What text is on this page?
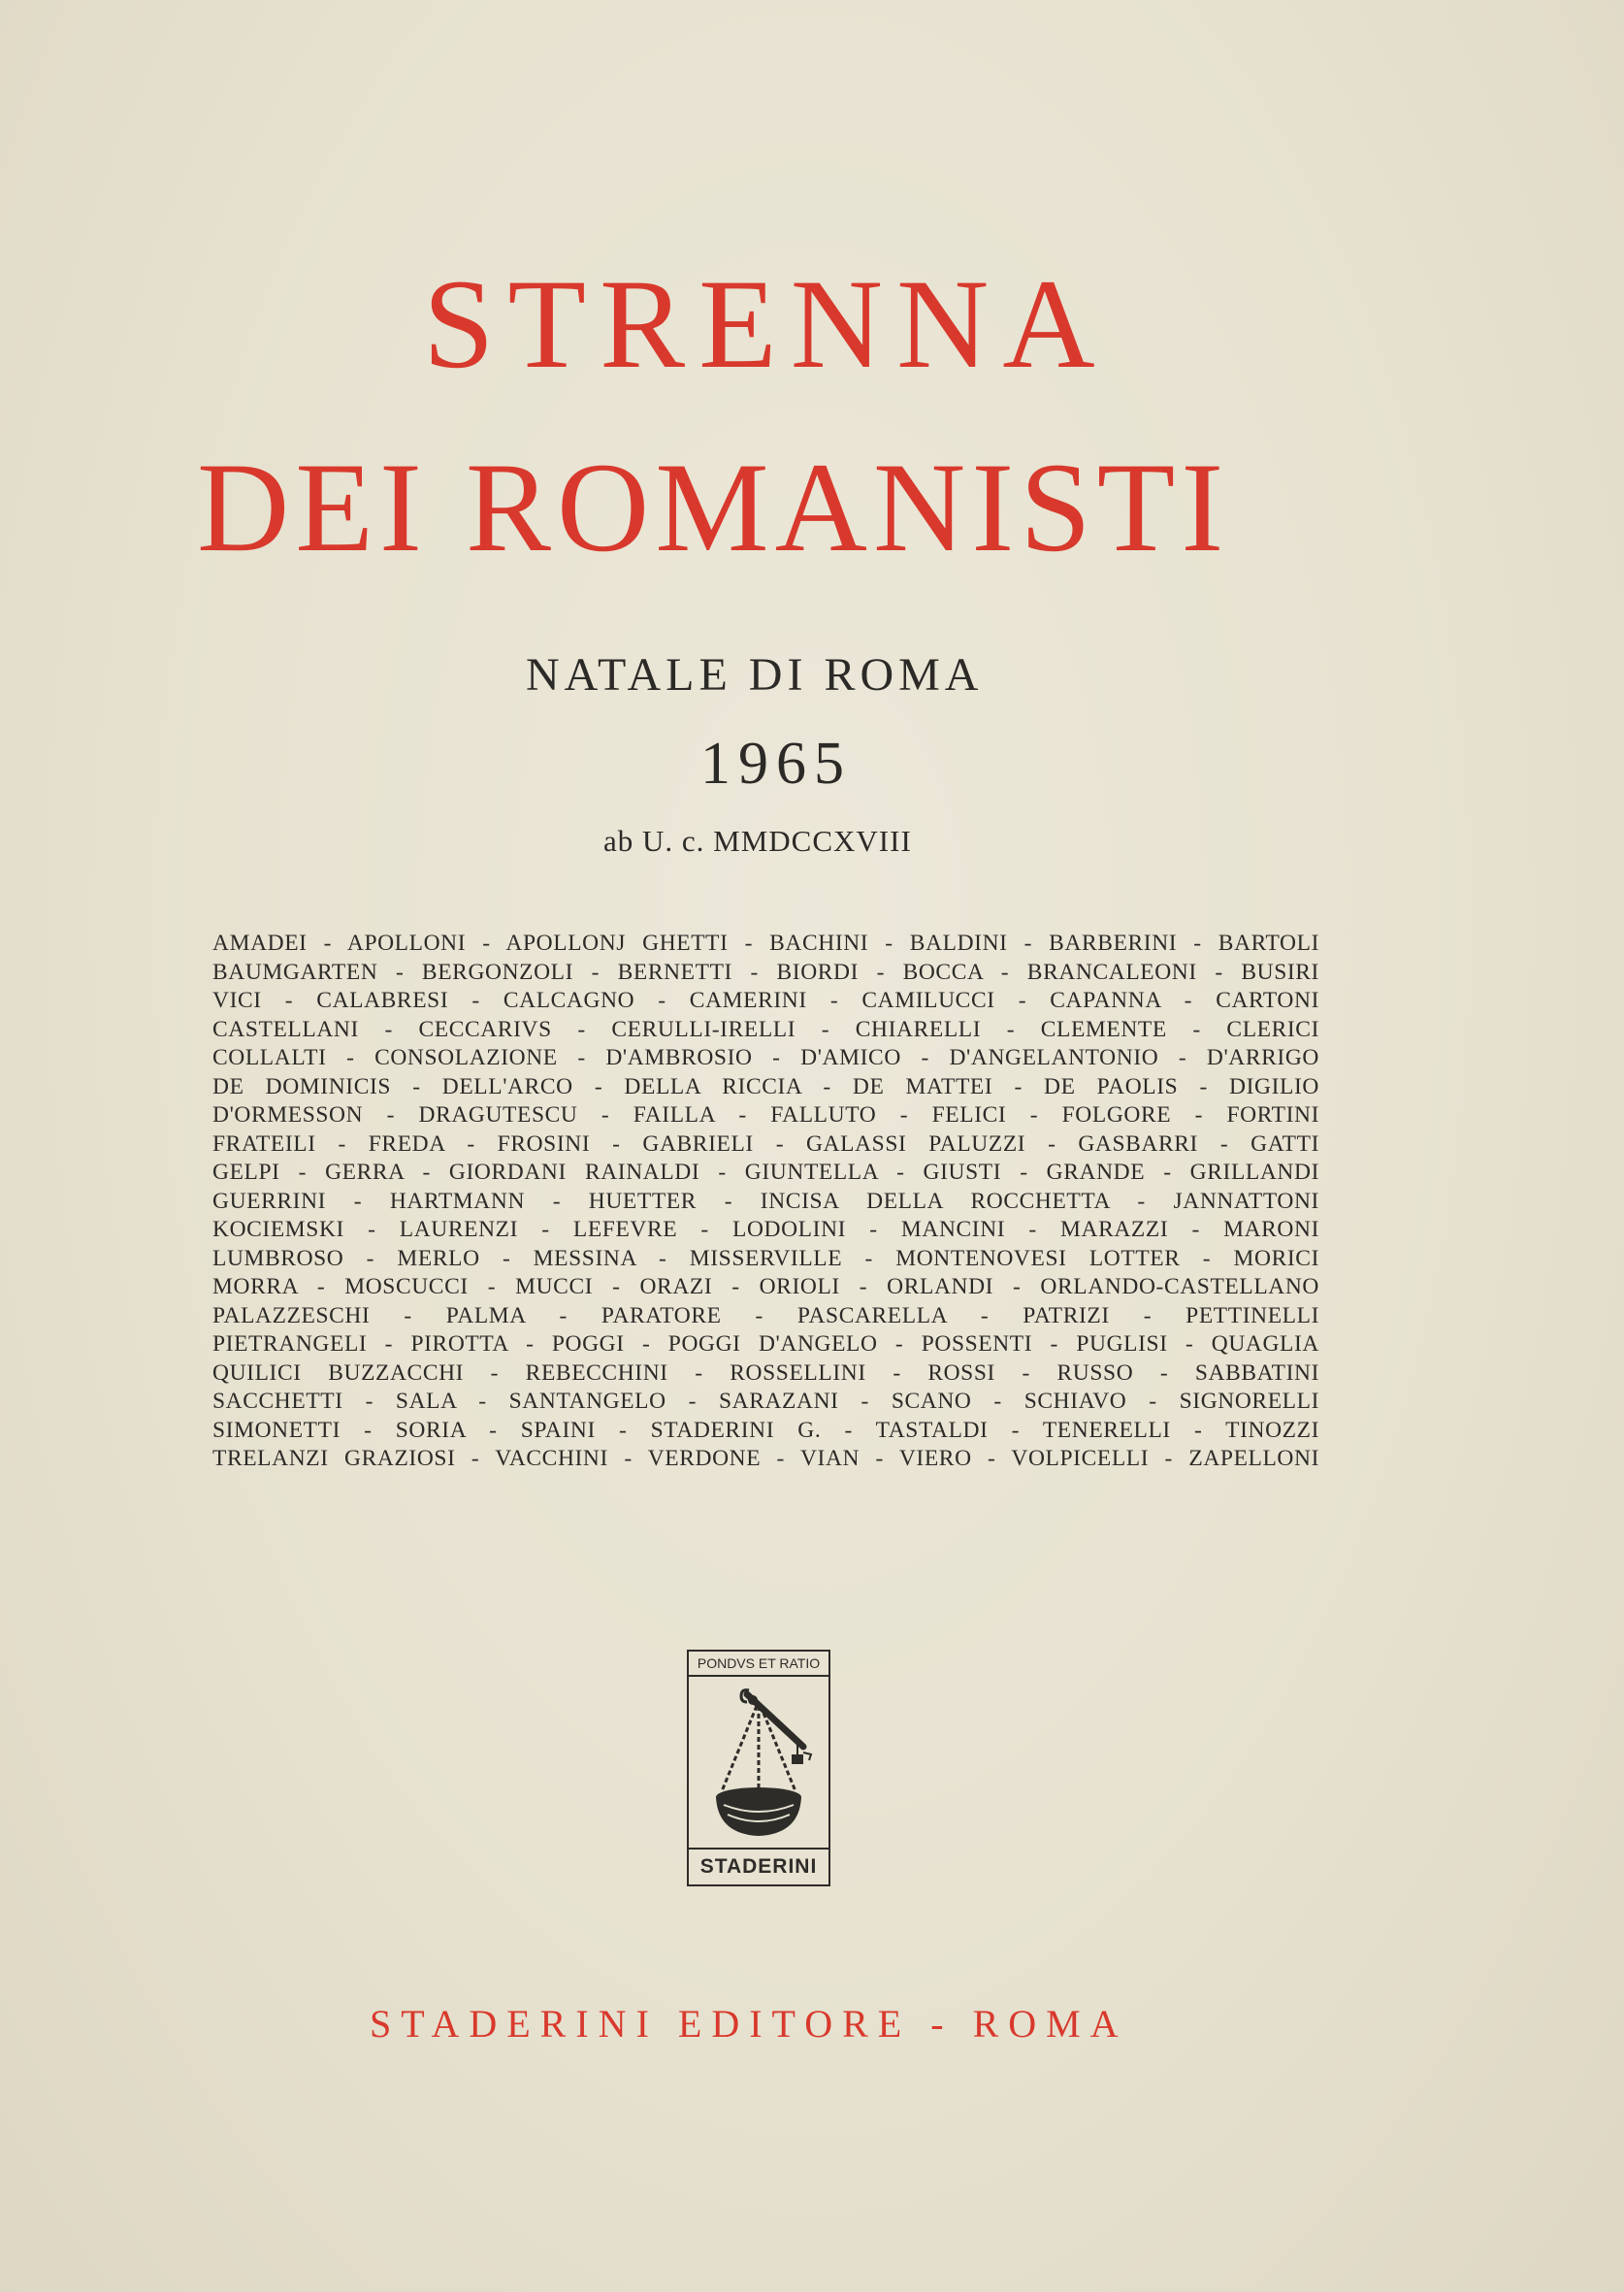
STRENNA
DEI ROMANISTI
NATALE DI ROMA
1965
ab U. c. MMDCCXVIII
AMADEI - APOLLONI - APOLLONJ GHETTI - BACHINI - BALDINI - BARBERINI - BARTOLI
BAUMGARTEN - BERGONZOLI - BERNETTI - BIORDI - BOCCA - BRANCALEONI - BUSIRI
VICI - CALABRESI - CALCAGNO - CAMERINI - CAMILUCCI - CAPANNA - CARTONI
CASTELLANI - CECCARIVS - CERULLI-IRELLI - CHIARELLI - CLEMENTE - CLERICI
COLLALTI - CONSOLAZIONE - D'AMBROSIO - D'AMICO - D'ANGELANTONIO - D'ARRIGO
DE DOMINICIS - DELL'ARCO - DELLA RICCIA - DE MATTEI - DE PAOLIS - DIGILIO
D'ORMESSON - DRAGUTESCU - FAILLA - FALLUTO - FELICI - FOLGORE - FORTINI
FRATEILI - FREDA - FROSINI - GABRIELI - GALASSI PALUZZI - GASBARRI - GATTI
GELPI - GERRA - GIORDANI RAINALDI - GIUNTELLA - GIUSTI - GRANDE - GRILLANDI
GUERRINI - HARTMANN - HUETTER - INCISA DELLA ROCCHETTA - JANNATTONI
KOCIEMSKI - LAURENZI - LEFEVRE - LODOLINI - MANCINI - MARAZZI - MARONI
LUMBROSO - MERLO - MESSINA - MISSERVILLE - MONTENOVESI LOTTER - MORICI
MORRA - MOSCUCCI - MUCCI - ORAZI - ORIOLI - ORLANDI - ORLANDO-CASTELLANO
PALAZZESCHI - PALMA - PARATORE - PASCARELLA - PATRIZI - PETTINELLI
PIETRANGELI - PIROTTA - POGGI - POGGI D'ANGELO - POSSENTI - PUGLISI - QUAGLIA
QUILICI BUZZACCHI - REBECCHINI - ROSSELLINI - ROSSI - RUSSO - SABBATINI
SACCHETTI - SALA - SANTANGELO - SARAZANI - SCANO - SCHIAVO - SIGNORELLI
SIMONETTI - SORIA - SPAINI - STADERINI G. - TASTALDI - TENERELLI - TINOZZI
TRELANZI GRAZIOSI - VACCHINI - VERDONE - VIAN - VIERO - VOLPICELLI - ZAPELLONI
PONDVS ET RATIO
STADERINI
STADERINI EDITORE - ROMA
